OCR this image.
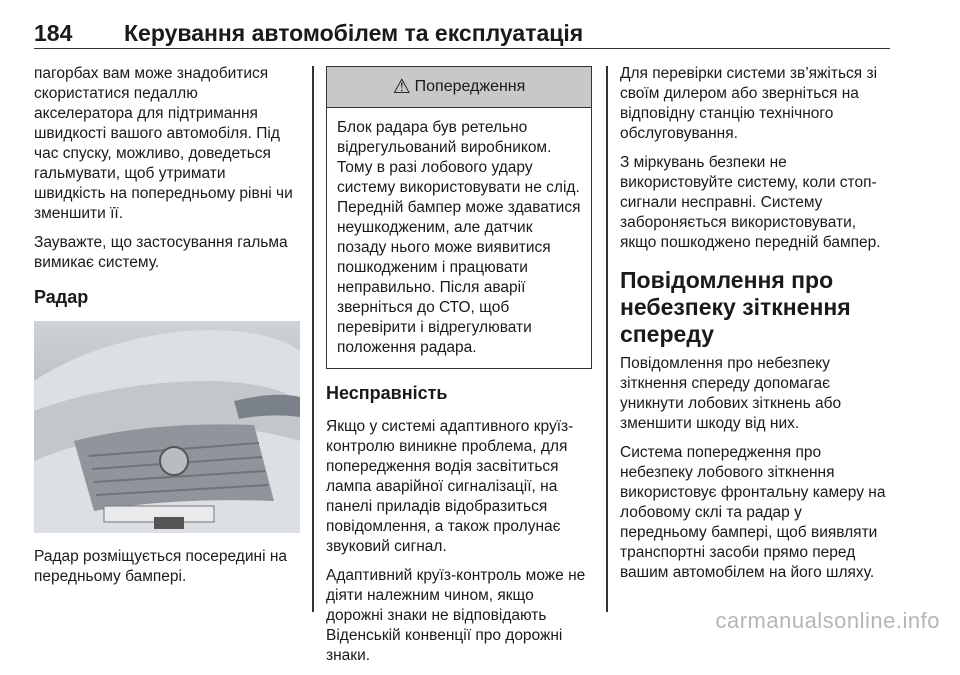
184 Керування автомобілем та експлуатація

пагорбах вам може знадобитися скористатися педаллю акселератора для підтримання швидкості вашого автомобіля. Під час спуску, можливо, доведеться гальмувати, щоб утримати швидкість на попередньому рівні чи зменшити її.

Зауважте, що застосування гальма вимикає систему.

Радар

Радар розміщується посередині на передньому бампері.

⚠ Попередження
Блок радара був ретельно відрегульований виробником. Тому в разі лобового удару систему використовувати не слід. Передній бампер може здаватися неушкодженим, але датчик позаду нього може виявитися пошкодженим і працювати неправильно. Після аварії зверніться до СТО, щоб перевірити і відрегулювати положення радара.
Несправність

Якщо у системі адаптивного круїз-контролю виникне проблема, для попередження водія засвітиться лампа аварійної сигналізації, на панелі приладів відобразиться повідомлення, а також пролунає звуковий сигнал.

Адаптивний круїз-контроль може не діяти належним чином, якщо дорожні знаки не відповідають Віденській конвенції про дорожні знаки.

Для перевірки системи зв’яжіться зі своїм дилером або зверніться на відповідну станцію технічного обслуговування.

З міркувань безпеки не використовуйте систему, коли стоп-сигнали несправні. Систему забороняється використовувати, якщо пошкоджено передній бампер.

Повідомлення про небезпеку зіткнення спереду

Повідомлення про небезпеку зіткнення спереду допомагає уникнути лобових зіткнень або зменшити шкоду від них.

Система попередження про небезпеку лобового зіткнення використовує фронтальну камеру на лобовому склі та радар у передньому бампері, щоб виявляти транспортні засоби прямо перед вашим автомобілем на його шляху.

carmanualsonline.info
